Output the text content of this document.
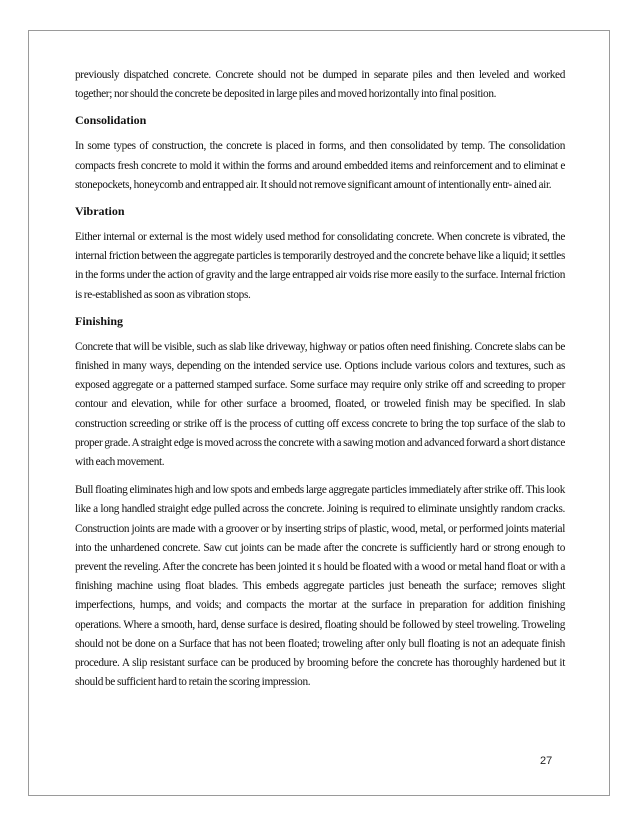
previously dispatched concrete. Concrete should not be dumped in separate piles and then leveled and worked together; nor should the concrete be deposited in large piles and moved horizontally into final position.

Consolidation

In some types of construction, the concrete is placed in forms, and then consolidated by temp. The consolidation compacts fresh concrete to mold it within the forms and around embedded items and reinforcement and to eliminat e stonepockets, honeycomb and entrapped air. It should not remove significant amount of intentionally entr- ained air.

Vibration

Either internal or external is the most widely used method for consolidating concrete. When concrete is vibrated, the internal friction between the aggregate particles is temporarily destroyed and the concrete behave like a liquid; it settles in the forms under the action of gravity and the large entrapped air voids rise more easily to the surface. Internal friction is re-established as soon as vibration stops.

Finishing

Concrete that will be visible, such as slab like driveway, highway or patios often need finishing. Concrete slabs can be finished in many ways, depending on the intended service use. Options include various colors and textures, such as exposed aggregate or a patterned stamped surface. Some surface may require only strike off and screeding to proper contour and elevation, while for other surface a broomed, floated, or troweled finish may be specified. In slab construction screeding or strike off is the process of cutting off excess concrete to bring the top surface of the slab to proper grade. A straight edge is moved across the concrete with a sawing motion and advanced forward a short distance with each movement.

Bull floating eliminates high and low spots and embeds large aggregate particles immediately after strike off. This look like a long handled straight edge pulled across the concrete. Joining is required to eliminate unsightly random cracks. Construction joints are made with a groover or by inserting strips of plastic, wood, metal, or performed joints material into the unhardened concrete. Saw cut joints can be made after the concrete is sufficiently hard or strong enough to prevent the reveling. After the concrete has been jointed it s hould be floated with a wood or metal hand float or with a finishing machine using float blades. This embeds aggregate particles just beneath the surface; removes slight imperfections, humps, and voids; and compacts the mortar at the surface in preparation for addition finishing operations. Where a smooth, hard, dense surface is desired, floating should be followed by steel troweling. Troweling should not be done on a Surface that has not been floated; troweling after only bull floating is not an adequate finish procedure. A slip resistant surface can be produced by brooming before the concrete has thoroughly hardened but it should be sufficient hard to retain the scoring impression.

27
